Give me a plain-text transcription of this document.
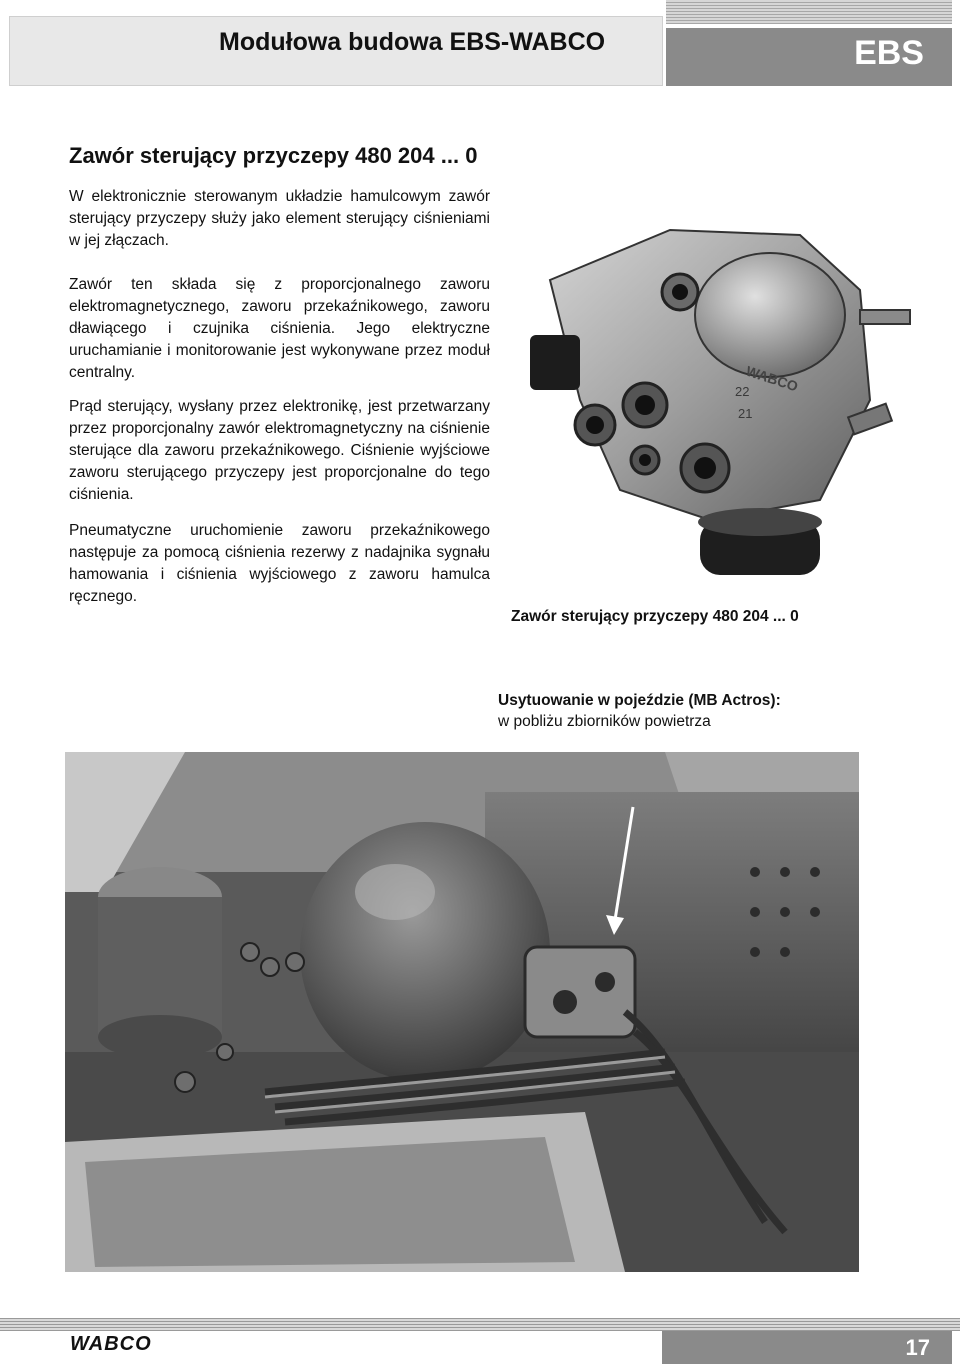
Modułowa budowa EBS-WABCO	EBS
Zawór sterujący przyczepy 480 204 ... 0

W elektronicznie sterowanym układzie hamulcowym zawór sterujący przyczepy służy jako element sterujący ciśnieniami w jej złączach.

Zawór ten składa się z proporcjonalnego zaworu elektromagnetycznego, zaworu przekaźnikowego, zaworu dławiącego i czujnika ciśnienia. Jego elektryczne uruchamianie i monitorowanie jest wykonywane przez moduł centralny.

Prąd sterujący, wysłany przez elektronikę, jest przetwarzany przez proporcjonalny zawór elektromagnetyczny na ciśnienie sterujące dla zaworu przekaźnikowego. Ciśnienie wyjściowe zaworu sterującego przyczepy jest proporcjonalne do tego ciśnienia.

Pneumatyczne uruchomienie zaworu przekaźnikowego następuje za pomocą ciśnienia rezerwy z nadajnika sygnału hamowania i ciśnienia wyjściowego z zaworu hamulca ręcznego.

WABCO
22
21
Zawór sterujący przyczepy 480 204 ... 0
Usytuowanie w pojeździe (MB Actros):
w pobliżu zbiorników powietrza
WABCO	17
